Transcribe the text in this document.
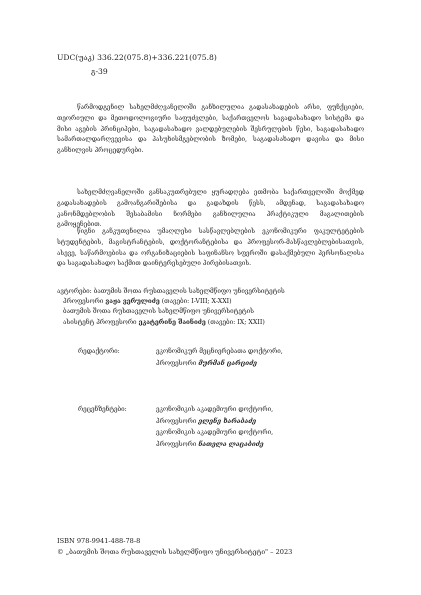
UDC(უაკ) 336.22(075.8)+336.221(075.8)
გ-39

წარმოდგენილ სახელმძღვანელოში განხილულია გადასახადების არსი, ფუნქციები, თეორიული და მეთოდოლოგიური საფუძვლები, საქართველოს საგადასახადო სისტემა და მისი აგების პრინციპები, საგადასახადო ვალდებულების შესრულების წესი, საგადასახადო სამართალდარღვევისა და პასუხისმგებლობის ზომები, საგადასახადო დავისა და მისი განხილვის პროცედურები.

სახელმძღვანელოში განსაკუთრებული ყურადღება ეთმობა საქართველოში მოქმედ გადასახადების გამოანგარიშებისა და გადახდის წესს, ამდენად, საგადასახადო კანონმდებლობის შესაბამისი ნორმები განხილულია პრაქტიკული მაგალითების გამოყენებით.

წიგნი განკუთვნილია უმაღლესი სასწავლებლების ეკონომიკური ფაკულტეტების სტუდენტების, მაგისტრანტების, დოქტორანტებისა და პროფესორ-მასწავლებლებისათვის, ასევე, საწარმოებისა და ორგანიზაციების საფინანსო სფეროში დასაქმებული პერსონალისა და საგადასახადო საქმით დაინტერესებული პირებისათვის.

ავტორები: ბათუმის შოთა რუსთაველის სახელმწიფო უნივერსიტეტის
პროფესორი ვაჟა ვერულიძე (თავები: I-VIII; X-XXI)
ბათუმის შოთა რუსთაველის სახელმწიფო უნივერსიტეტის
ასისტენტ პროფესორი ეკატერინე შაინიძე (თავები: IX; XXII)
რედაქტორი:	ეკონომიკურ მეცნიერებათა დოქტორი,
პროფესორი მურმან ცარციძე
რეცენზენტები:	ეკონომიკის აკადემიური დოქტორი,
პროფესორი ელენე ხარაბაძე
ეკონომიკის აკადემიური დოქტორი,
პროფესორი ნათელა ლაცაბიძე
ISBN 978-9941-488-78-8
© „ბათუმის შოთა რუსთაველის სახელმწიფო უნივერსიტეტი" – 2023
